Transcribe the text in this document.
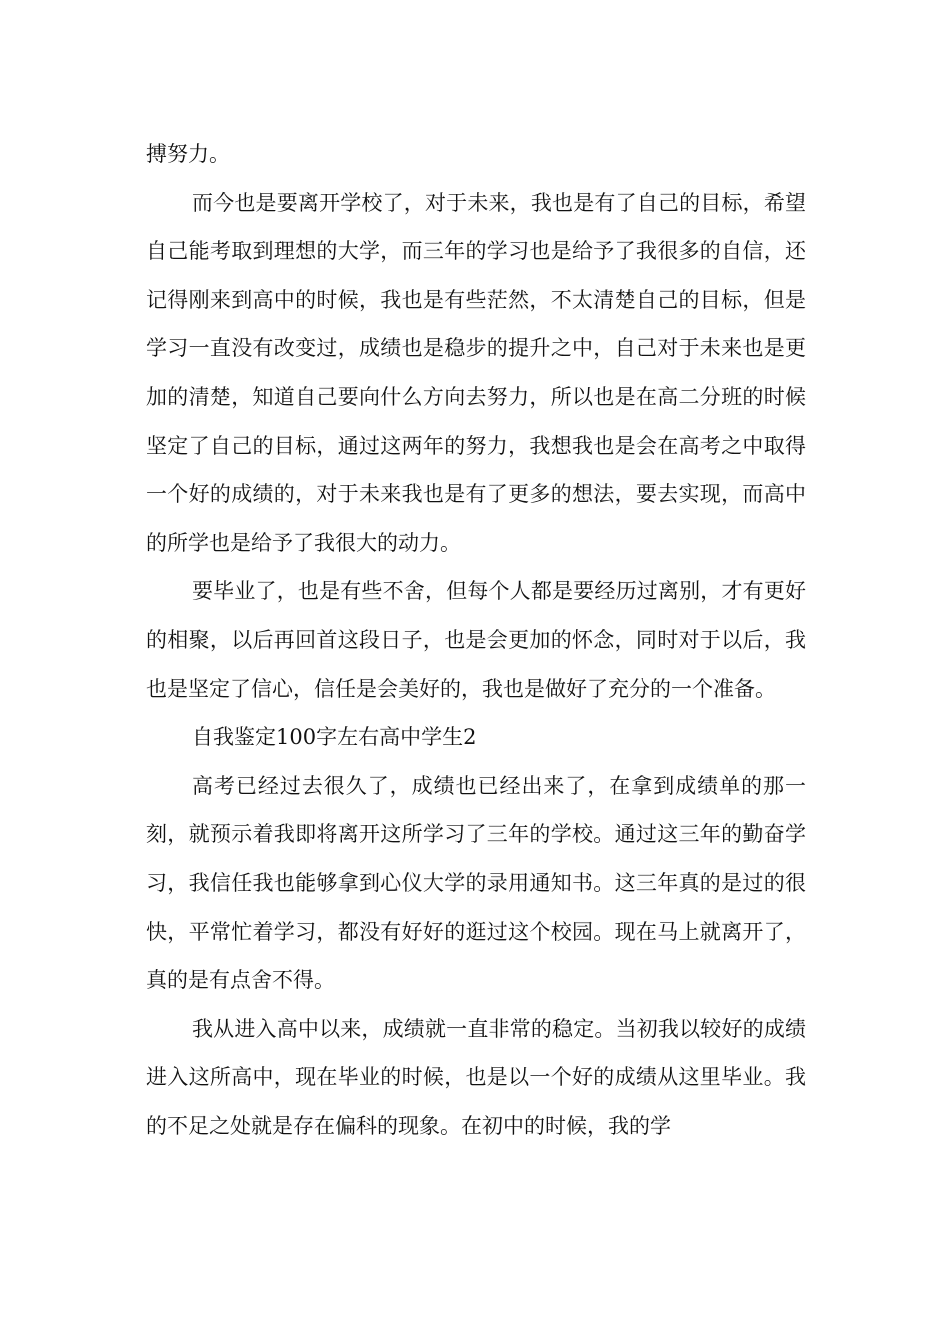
搏努力。

而今也是要离开学校了，对于未来，我也是有了自己的目标，希望自己能考取到理想的大学，而三年的学习也是给予了我很多的自信，还记得刚来到高中的时候，我也是有些茫然，不太清楚自己的目标，但是学习一直没有改变过，成绩也是稳步的提升之中，自己对于未来也是更加的清楚，知道自己要向什么方向去努力，所以也是在高二分班的时候坚定了自己的目标，通过这两年的努力，我想我也是会在高考之中取得一个好的成绩的，对于未来我也是有了更多的想法，要去实现，而高中的所学也是给予了我很大的动力。

要毕业了，也是有些不舍，但每个人都是要经历过离别，才有更好的相聚，以后再回首这段日子，也是会更加的怀念，同时对于以后，我也是坚定了信心，信任是会美好的，我也是做好了充分的一个准备。

自我鉴定100字左右高中学生2

高考已经过去很久了，成绩也已经出来了，在拿到成绩单的那一刻，就预示着我即将离开这所学习了三年的学校。通过这三年的勤奋学习，我信任我也能够拿到心仪大学的录用通知书。这三年真的是过的很快，平常忙着学习，都没有好好的逛过这个校园。现在马上就离开了，真的是有点舍不得。

我从进入高中以来，成绩就一直非常的稳定。当初我以较好的成绩进入这所高中，现在毕业的时候，也是以一个好的成绩从这里毕业。我的不足之处就是存在偏科的现象。在初中的时候，我的学
